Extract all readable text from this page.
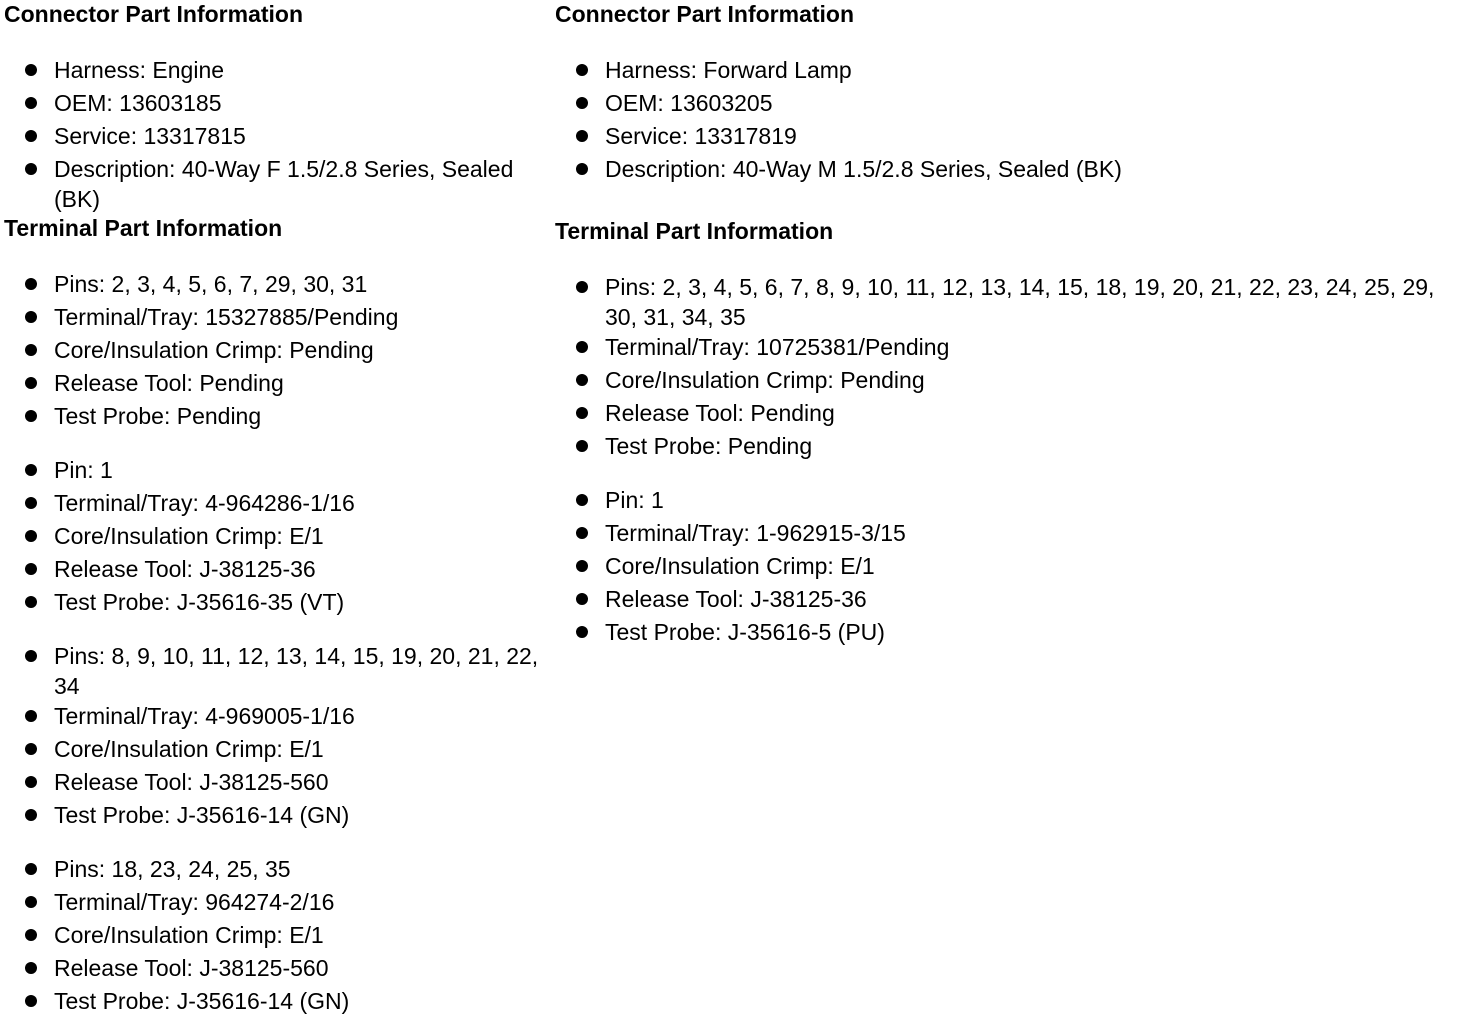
Connector Part Information
Harness: Engine
OEM: 13603185
Service: 13317815
Description: 40-Way F 1.5/2.8 Series, Sealed (BK)
Terminal Part Information
Pins: 2, 3, 4, 5, 6, 7, 29, 30, 31
Terminal/Tray: 15327885/Pending
Core/Insulation Crimp: Pending
Release Tool: Pending
Test Probe: Pending
Pin: 1
Terminal/Tray: 4-964286-1/16
Core/Insulation Crimp: E/1
Release Tool: J-38125-36
Test Probe: J-35616-35 (VT)
Pins: 8, 9, 10, 11, 12, 13, 14, 15, 19, 20, 21, 22, 34
Terminal/Tray: 4-969005-1/16
Core/Insulation Crimp: E/1
Release Tool: J-38125-560
Test Probe: J-35616-14 (GN)
Pins: 18, 23, 24, 25, 35
Terminal/Tray: 964274-2/16
Core/Insulation Crimp: E/1
Release Tool: J-38125-560
Test Probe: J-35616-14 (GN)
Connector Part Information
Harness: Forward Lamp
OEM: 13603205
Service: 13317819
Description: 40-Way M 1.5/2.8 Series, Sealed (BK)
Terminal Part Information
Pins: 2, 3, 4, 5, 6, 7, 8, 9, 10, 11, 12, 13, 14, 15, 18, 19, 20, 21, 22, 23, 24, 25, 29, 30, 31, 34, 35
Terminal/Tray: 10725381/Pending
Core/Insulation Crimp: Pending
Release Tool: Pending
Test Probe: Pending
Pin: 1
Terminal/Tray: 1-962915-3/15
Core/Insulation Crimp: E/1
Release Tool: J-38125-36
Test Probe: J-35616-5 (PU)
